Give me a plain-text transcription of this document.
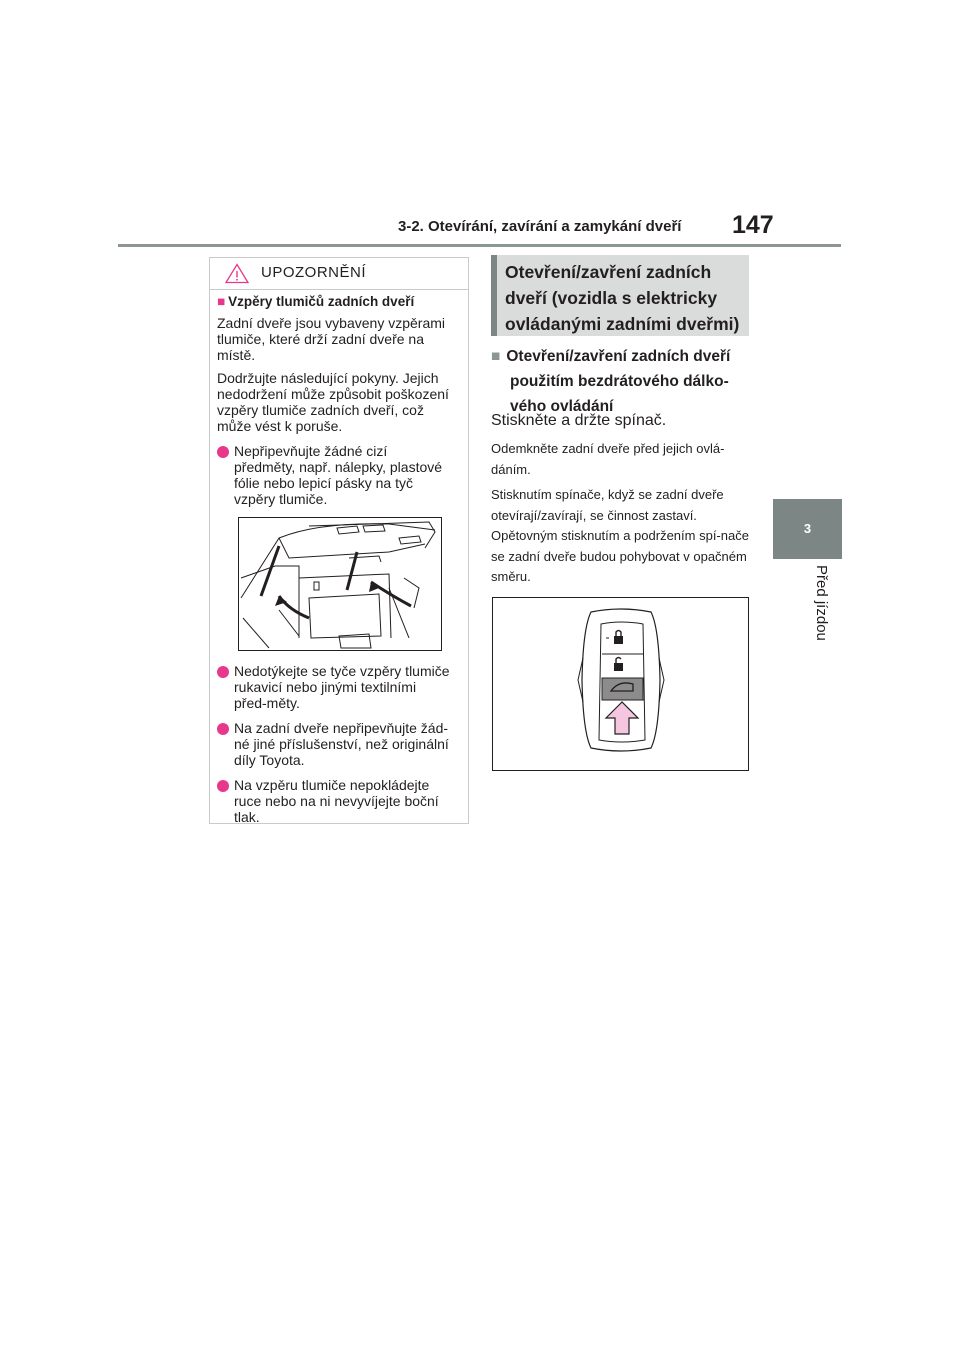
3-2. Otevírání, zavírání a zamykání dveří	147
3
Před jízdou
UPOZORNĚNÍ

■ Vzpěry tlumičů zadních dveří

Zadní dveře jsou vybaveny vzpěrami tlumiče, které drží zadní dveře na místě.

Dodržujte následující pokyny. Jejich nedodržení může způsobit poškození vzpěry tlumiče zadních dveří, což může vést k poruše.

Nepřipevňujte žádné cizí předměty, např. nálepky, plastové fólie nebo lepicí pásky na tyč vzpěry tlumiče.
Nedotýkejte se tyče vzpěry tlumiče rukavicí nebo jinými textilními před-měty.
Na zadní dveře nepřipevňujte žád-né jiné příslušenství, než originální díly Toyota.
Na vzpěru tlumiče nepokládejte ruce nebo na ni nevyvíjejte boční tlak.
Otevření/zavření zadních
dveří (vozidla s elektricky
ovládanými zadními dveřmi)
■ Otevření/zavření zadních dveří
použitím bezdrátového dálko-
vého ovládání
Stiskněte a držte spínač.
Odemkněte zadní dveře před jejich ovlá-dáním.
Stisknutím spínače, když se zadní dveře otevírají/zavírají, se činnost zastaví. Opětovným stisknutím a podržením spí-nače se zadní dveře budou pohybovat v opačném směru.
